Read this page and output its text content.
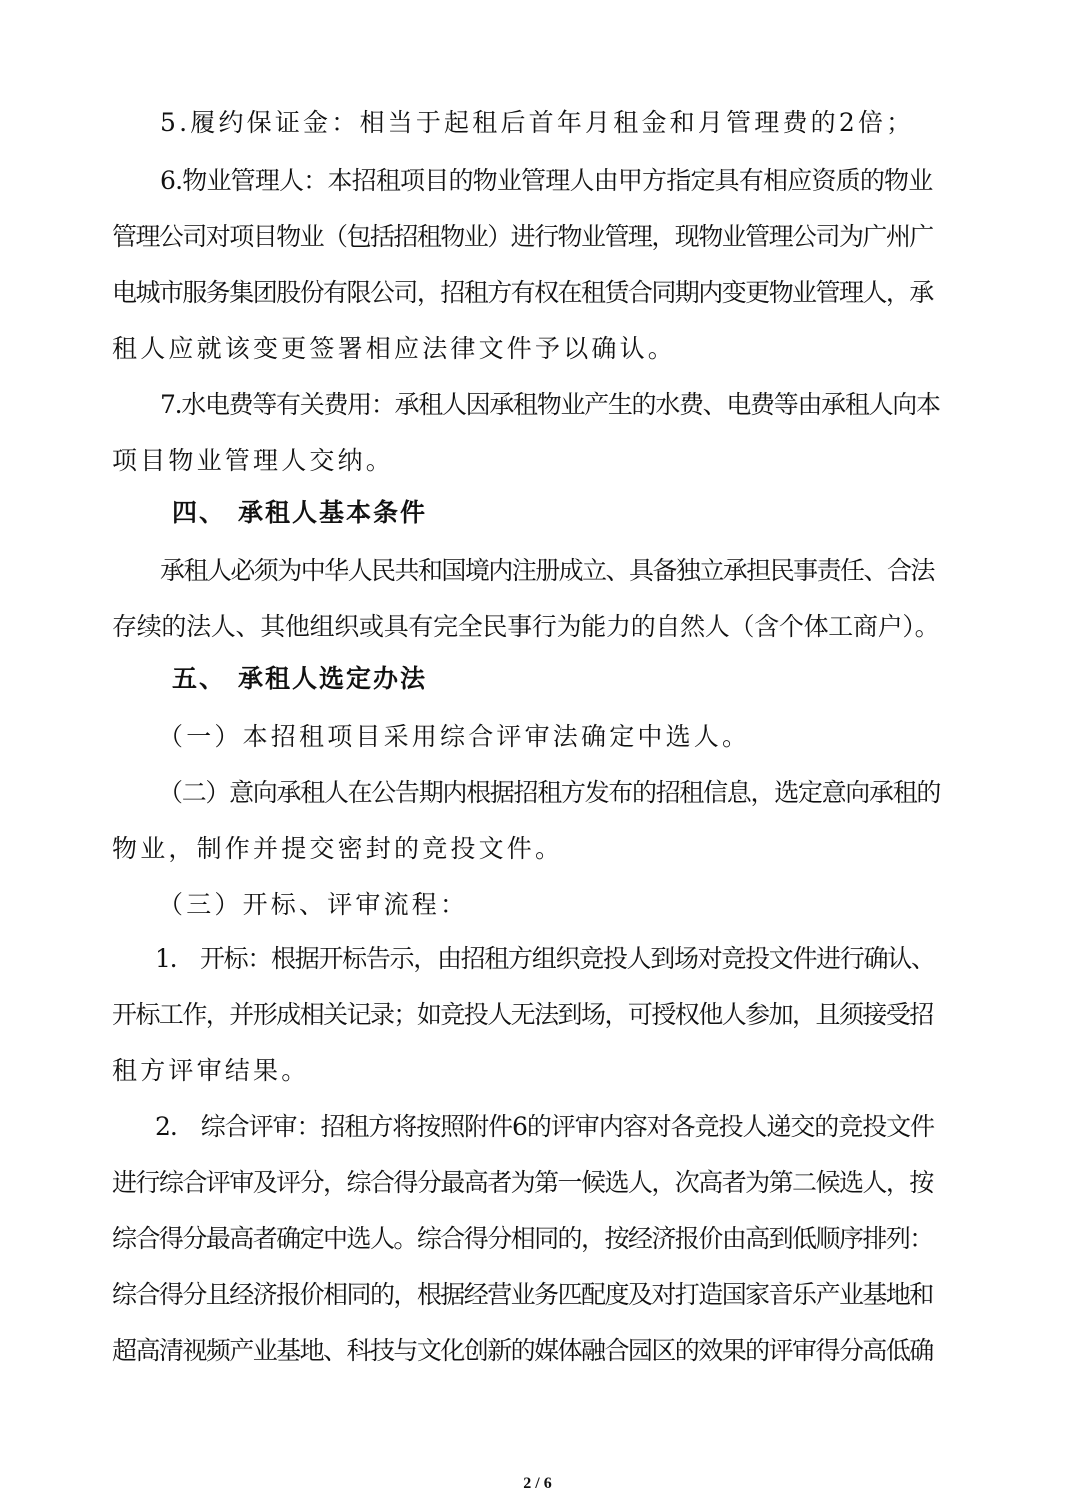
5.履约保证金：相当于起租后首年月租金和月管理费的2倍；
6.物业管理人：本招租项目的物业管理人由甲方指定具有相应资质的物业
管理公司对项目物业（包括招租物业）进行物业管理，现物业管理公司为广州广
电城市服务集团股份有限公司，招租方有权在租赁合同期内变更物业管理人，承
租人应就该变更签署相应法律文件予以确认。
7.水电费等有关费用：承租人因承租物业产生的水费、电费等由承租人向本
项目物业管理人交纳。
四、 承租人基本条件
承租人必须为中华人民共和国境内注册成立、具备独立承担民事责任、合法
存续的法人、其他组织或具有完全民事行为能力的自然人（含个体工商户）。
五、 承租人选定办法
（一）本招租项目采用综合评审法确定中选人。
（二）意向承租人在公告期内根据招租方发布的招租信息，选定意向承租的
物业，制作并提交密封的竞投文件。
（三）开标、评审流程：
1.　开标：根据开标告示，由招租方组织竞投人到场对竞投文件进行确认、
开标工作，并形成相关记录；如竞投人无法到场，可授权他人参加，且须接受招
租方评审结果。
2.　综合评审：招租方将按照附件6的评审内容对各竞投人递交的竞投文件
进行综合评审及评分，综合得分最高者为第一候选人，次高者为第二候选人，按
综合得分最高者确定中选人。综合得分相同的，按经济报价由高到低顺序排列：
综合得分且经济报价相同的，根据经营业务匹配度及对打造国家音乐产业基地和
超高清视频产业基地、科技与文化创新的媒体融合园区的效果的评审得分高低确
2 / 6
